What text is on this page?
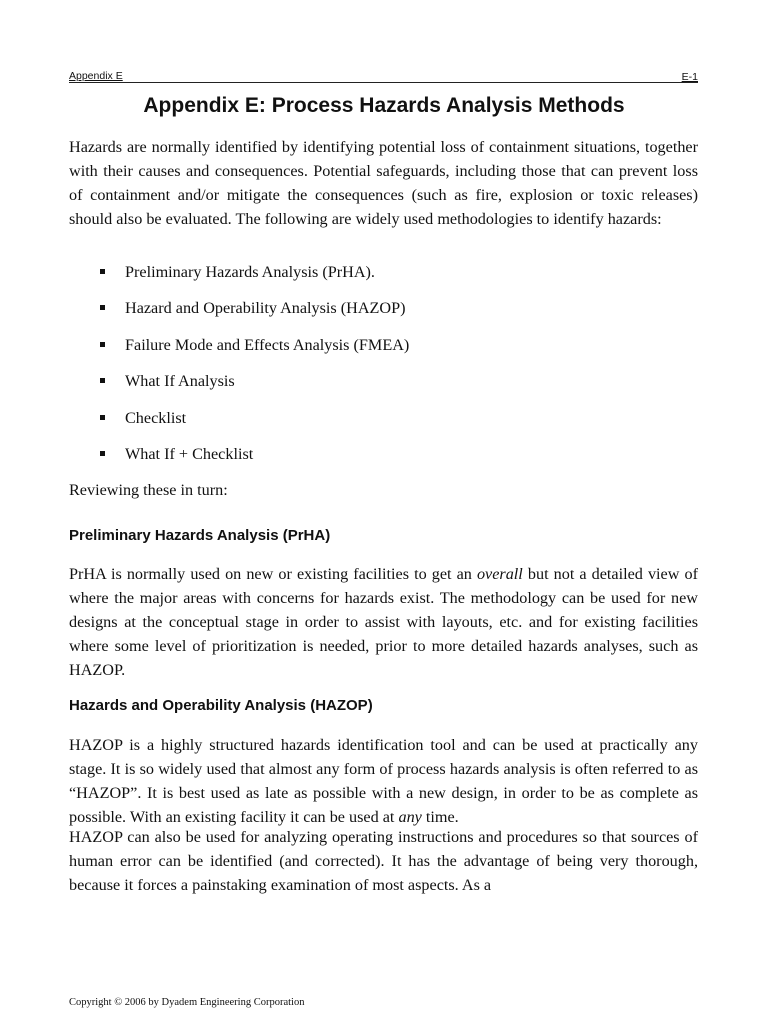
Appendix E	E-1
Appendix E: Process Hazards Analysis Methods
Hazards are normally identified by identifying potential loss of containment situations, together with their causes and consequences. Potential safeguards, including those that can prevent loss of containment and/or mitigate the consequences (such as fire, explosion or toxic releases) should also be evaluated. The following are widely used methodologies to identify hazards:
Preliminary Hazards Analysis (PrHA).
Hazard and Operability Analysis (HAZOP)
Failure Mode and Effects Analysis (FMEA)
What If Analysis
Checklist
What If + Checklist
Reviewing these in turn:
Preliminary Hazards Analysis (PrHA)
PrHA is normally used on new or existing facilities to get an overall but not a detailed view of where the major areas with concerns for hazards exist. The methodology can be used for new designs at the conceptual stage in order to assist with layouts, etc. and for existing facilities where some level of prioritization is needed, prior to more detailed hazards analyses, such as HAZOP.
Hazards and Operability Analysis (HAZOP)
HAZOP is a highly structured hazards identification tool and can be used at practically any stage. It is so widely used that almost any form of process hazards analysis is often referred to as “HAZOP”. It is best used as late as possible with a new design, in order to be as complete as possible. With an existing facility it can be used at any time.
HAZOP can also be used for analyzing operating instructions and procedures so that sources of human error can be identified (and corrected). It has the advantage of being very thorough, because it forces a painstaking examination of most aspects. As a
Copyright © 2006 by Dyadem Engineering Corporation
